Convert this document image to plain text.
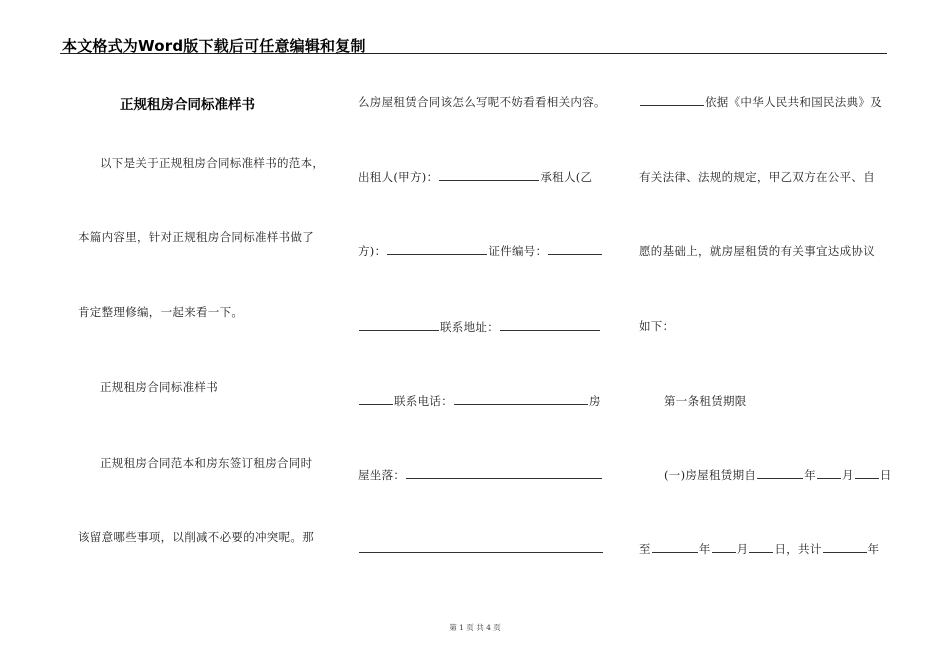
本文格式为Word版下载后可任意编辑和复制
正规租房合同标准样书
以下是关于正规租房合同标准样书的范本，
本篇内容里，针对正规租房合同标准样书做了
肯定整理修编，一起来看一下。
正规租房合同标准样书
正规租房合同范本和房东签订租房合同时
该留意哪些事项，以削减不必要的冲突呢。那
么房屋租赁合同该怎么写呢不妨看看相关内容。
出租人(甲方)：	承租人(乙
方)：	证件编号：
联系地址：
联系电话：	房
屋坐落：
依据《中华人民共和国民法典》及
有关法律、法规的规定，甲乙双方在公平、自
愿的基础上，就房屋租赁的有关事宜达成协议
如下：
第一条租赁期限
(一)房屋租赁期自	年 月 日
至	年 月 日，共计	年
第 1 页 共 4 页
